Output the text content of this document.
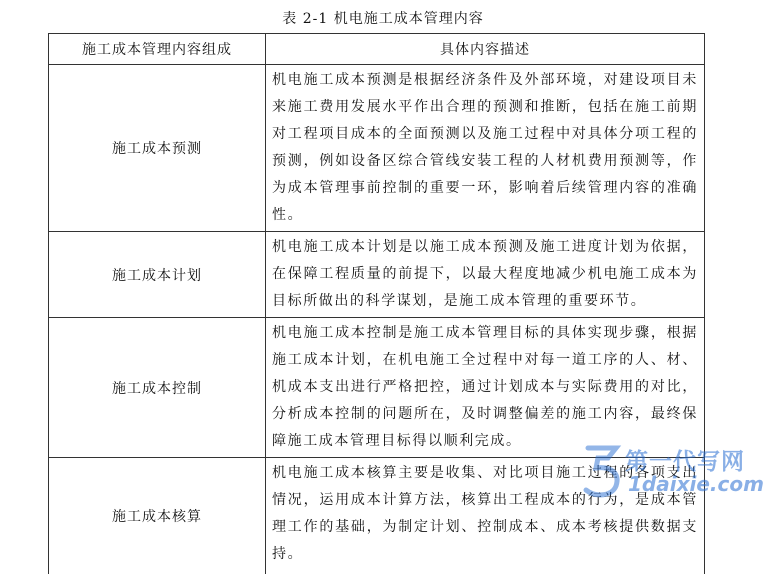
表 2-1 机电施工成本管理内容
施工成本管理内容组成	具体内容描述
施工成本预测	机电施工成本预测是根据经济条件及外部环境，对建设项目未来施工费用发展水平作出合理的预测和推断，包括在施工前期对工程项目成本的全面预测以及施工过程中对具体分项工程的预测，例如设备区综合管线安装工程的人材机费用预测等，作为成本管理事前控制的重要一环，影响着后续管理内容的准确性。
施工成本计划	机电施工成本计划是以施工成本预测及施工进度计划为依据，在保障工程质量的前提下，以最大程度地减少机电施工成本为目标所做出的科学谋划，是施工成本管理的重要环节。
施工成本控制	机电施工成本控制是施工成本管理目标的具体实现步骤，根据施工成本计划，在机电施工全过程中对每一道工序的人、材、机成本支出进行严格把控，通过计划成本与实际费用的对比，分析成本控制的问题所在，及时调整偏差的施工内容，最终保障施工成本管理目标得以顺利完成。
施工成本核算	机电施工成本核算主要是收集、对比项目施工过程的各项支出情况，运用成本计算方法，核算出工程成本的行为，是成本管理工作的基础，为制定计划、控制成本、成本考核提供数据支持。
第一代写网
1daixie.com
